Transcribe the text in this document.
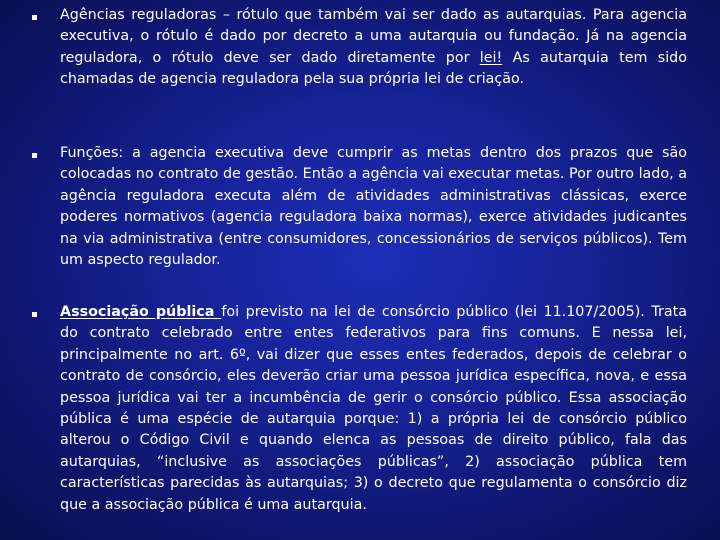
Agências reguladoras – rótulo que também vai ser dado as autarquias. Para agencia executiva, o rótulo é dado por decreto a uma autarquia ou fundação. Já na agencia reguladora, o rótulo deve ser dado diretamente por lei! As autarquia tem sido chamadas de agencia reguladora pela sua própria lei de criação.

Funções: a agencia executiva deve cumprir as metas dentro dos prazos que são colocadas no contrato de gestão. Então a agência vai executar metas. Por outro lado, a agência reguladora executa além de atividades administrativas clássicas, exerce poderes normativos (agencia reguladora baixa normas), exerce atividades judicantes na via administrativa (entre consumidores, concessionários de serviços públicos). Tem um aspecto regulador.

Associação pública foi previsto na lei de consórcio público (lei 11.107/2005). Trata do contrato celebrado entre entes federativos para fins comuns. E nessa lei, principalmente no art. 6º, vai dizer que esses entes federados, depois de celebrar o contrato de consórcio, eles deverão criar uma pessoa jurídica específica, nova, e essa pessoa jurídica vai ter a incumbência de gerir o consórcio público. Essa associação pública é uma espécie de autarquia porque: 1) a própria lei de consórcio público alterou o Código Civil e quando elenca as pessoas de direito público, fala das autarquias, “inclusive as associações públicas”, 2) associação pública tem características parecidas às autarquias; 3) o decreto que regulamenta o consórcio diz que a associação pública é uma autarquia.
